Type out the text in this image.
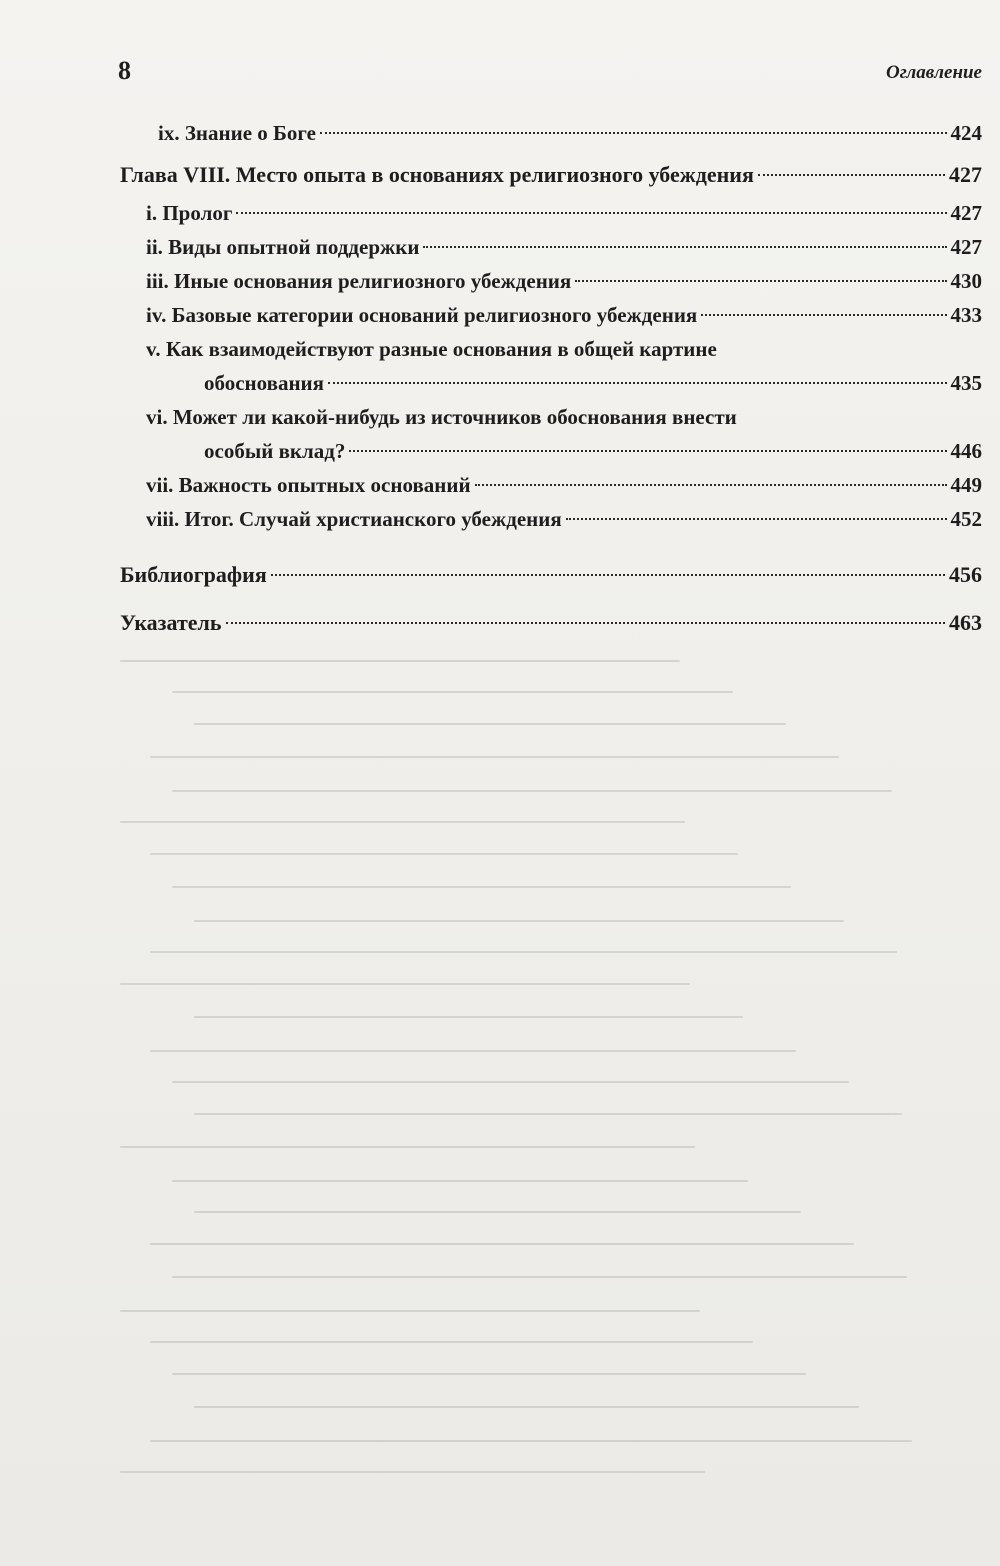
8	Оглавление
ix. Знание о Боге	424
Глава VIII. Место опыта в основаниях религиозного убеждения	427
i. Пролог	427
ii. Виды опытной поддержки	427
iii. Иные основания религиозного убеждения	430
iv. Базовые категории оснований религиозного убеждения	433
v. Как взаимодействуют разные основания в общей картине
обоснования	435
vi. Может ли какой-нибудь из источников обоснования внести
особый вклад?	446
vii. Важность опытных оснований	449
viii. Итог. Случай христианского убеждения	452
Библиография	456
Указатель	463
